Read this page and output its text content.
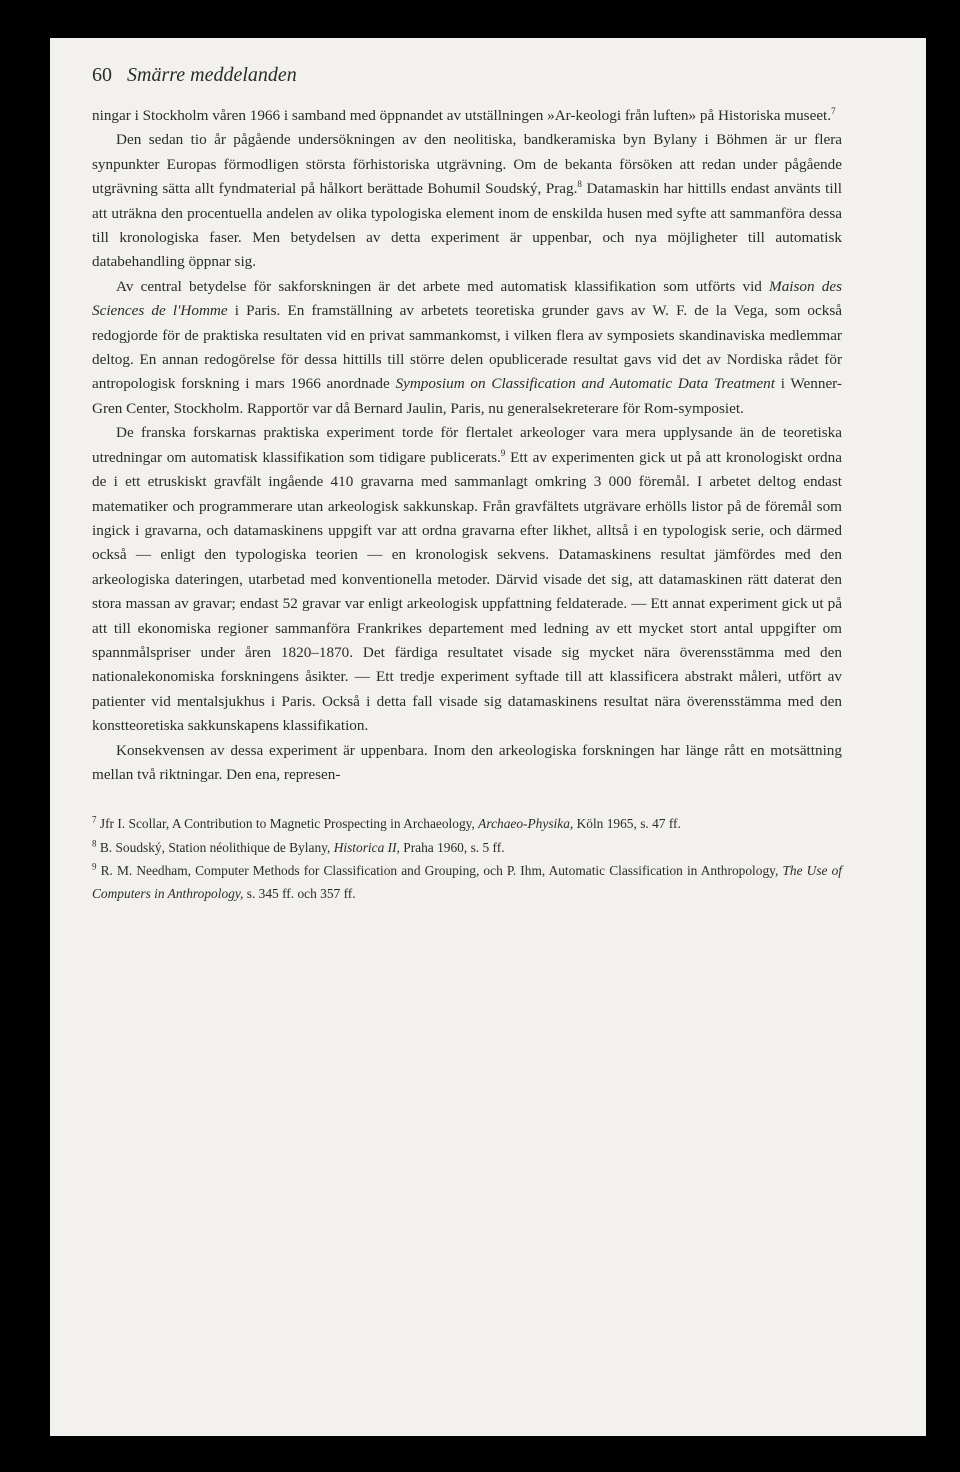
60 Smärre meddelanden

ningar i Stockholm våren 1966 i samband med öppnandet av utställningen »Ar-keologi från luften» på Historiska museet.$^7$

Den sedan tio år pågående undersökningen av den neolitiska, bandkeramiska byn Bylany i Böhmen är ur flera synpunkter Europas förmodligen största förhistoriska utgrävning. Om de bekanta försöken att redan under pågående utgrävning sätta allt fyndmaterial på hålkort berättade Bohumil Soudský, Prag.$^8$ Datamaskin har hittills endast använts till att uträkna den procentuella andelen av olika typologiska element inom de enskilda husen med syfte att sammanföra dessa till kronologiska faser. Men betydelsen av detta experiment är uppenbar, och nya möjligheter till automatisk databehandling öppnar sig.

Av central betydelse för sakforskningen är det arbete med automatisk klassifikation som utförts vid Maison des Sciences de l'Homme i Paris. En framställning av arbetets teoretiska grunder gavs av W. F. de la Vega, som också redogjorde för de praktiska resultaten vid en privat sammankomst, i vilken flera av symposiets skandinaviska medlemmar deltog. En annan redogörelse för dessa hittills till större delen opublicerade resultat gavs vid det av Nordiska rådet för antropologisk forskning i mars 1966 anordnade Symposium on Classification and Automatic Data Treatment i Wenner-Gren Center, Stockholm. Rapportör var då Bernard Jaulin, Paris, nu generalsekreterare för Rom-symposiet.

De franska forskarnas praktiska experiment torde för flertalet arkeologer vara mera upplysande än de teoretiska utredningar om automatisk klassifikation som tidigare publicerats.$^9$ Ett av experimenten gick ut på att kronologiskt ordna de i ett etruskiskt gravfält ingående 410 gravarna med sammanlagt omkring 3 000 föremål. I arbetet deltog endast matematiker och programmerare utan arkeologisk sakkunskap. Från gravfältets utgrävare erhölls listor på de föremål som ingick i gravarna, och datamaskinens uppgift var att ordna gravarna efter likhet, alltså i en typologisk serie, och därmed också — enligt den typologiska teorien — en kronologisk sekvens. Datamaskinens resultat jämfördes med den arkeologiska dateringen, utarbetad med konventionella metoder. Därvid visade det sig, att datamaskinen rätt daterat den stora massan av gravar; endast 52 gravar var enligt arkeologisk uppfattning feldaterade. — Ett annat experiment gick ut på att till ekonomiska regioner sammanföra Frankrikes departement med ledning av ett mycket stort antal uppgifter om spannmålspriser under åren 1820–1870. Det färdiga resultatet visade sig mycket nära överensstämma med den nationalekonomiska forskningens åsikter. — Ett tredje experiment syftade till att klassificera abstrakt måleri, utfört av patienter vid mentalsjukhus i Paris. Också i detta fall visade sig datamaskinens resultat nära överensstämma med den konstteoretiska sakkunskapens klassifikation.

Konsekvensen av dessa experiment är uppenbara. Inom den arkeologiska forskningen har länge rått en motsättning mellan två riktningar. Den ena, represen-

$^7$ Jfr I. Scollar, A Contribution to Magnetic Prospecting in Archaeology, Archaeo-Physika, Köln 1965, s. 47 ff.

$^8$ B. Soudský, Station néolithique de Bylany, Historica II, Praha 1960, s. 5 ff.

$^9$ R. M. Needham, Computer Methods for Classification and Grouping, och P. Ihm, Automatic Classification in Anthropology, The Use of Computers in Anthropology, s. 345 ff. och 357 ff.
